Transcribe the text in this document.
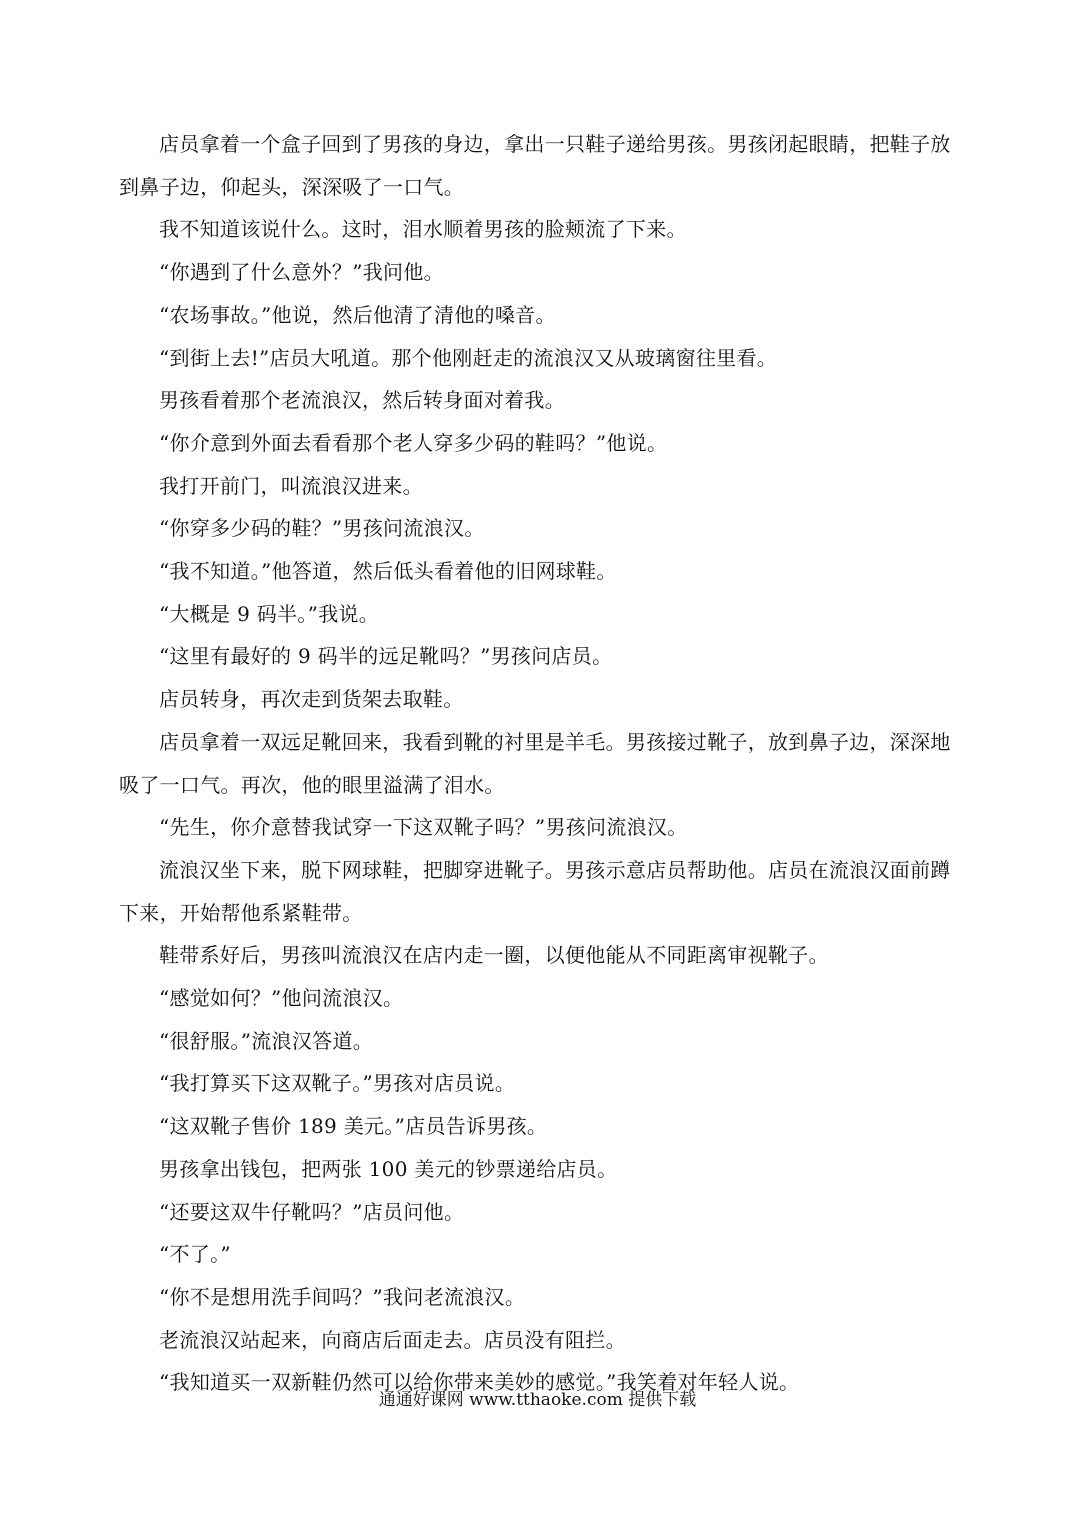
店员拿着一个盒子回到了男孩的身边，拿出一只鞋子递给男孩。男孩闭起眼睛，把鞋子放到鼻子边，仰起头，深深吸了一口气。

我不知道该说什么。这时，泪水顺着男孩的脸颊流了下来。

“你遇到了什么意外？”我问他。

“农场事故。”他说，然后他清了清他的嗓音。

“到街上去!”店员大吼道。那个他刚赶走的流浪汉又从玻璃窗往里看。

男孩看着那个老流浪汉，然后转身面对着我。

“你介意到外面去看看那个老人穿多少码的鞋吗？”他说。

我打开前门，叫流浪汉进来。

“你穿多少码的鞋？”男孩问流浪汉。

“我不知道。”他答道，然后低头看着他的旧网球鞋。

“大概是 9 码半。”我说。

“这里有最好的 9 码半的远足靴吗？”男孩问店员。

店员转身，再次走到货架去取鞋。

店员拿着一双远足靴回来，我看到靴的衬里是羊毛。男孩接过靴子，放到鼻子边，深深地吸了一口气。再次，他的眼里溢满了泪水。

“先生，你介意替我试穿一下这双靴子吗？”男孩问流浪汉。

流浪汉坐下来，脱下网球鞋，把脚穿进靴子。男孩示意店员帮助他。店员在流浪汉面前蹲下来，开始帮他系紧鞋带。

鞋带系好后，男孩叫流浪汉在店内走一圈，以便他能从不同距离审视靴子。

“感觉如何？”他问流浪汉。

“很舒服。”流浪汉答道。

“我打算买下这双靴子。”男孩对店员说。

“这双靴子售价 189 美元。”店员告诉男孩。

男孩拿出钱包，把两张 100 美元的钞票递给店员。

“还要这双牛仔靴吗？”店员问他。

“不了。”

“你不是想用洗手间吗？”我问老流浪汉。

老流浪汉站起来，向商店后面走去。店员没有阻拦。

“我知道买一双新鞋仍然可以给你带来美妙的感觉。”我笑着对年轻人说。

通通好课网 www.tthaoke.com 提供下载
